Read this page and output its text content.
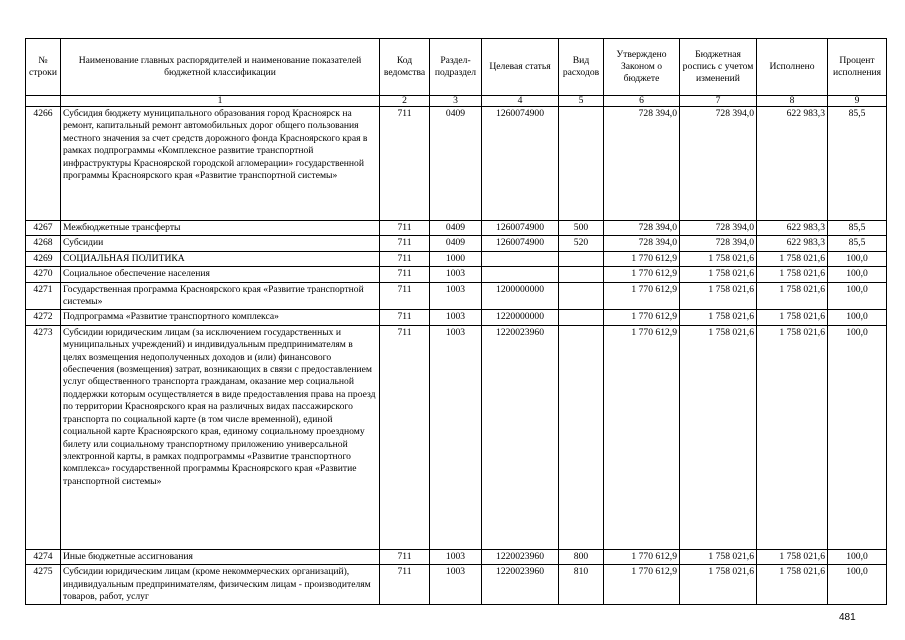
№ строки	Наименование главных распорядителей и наименование показателей бюджетной классификации	Код ведомства	Раздел-подраздел	Целевая статья	Вид расходов	Утверждено Законом о бюджете	Бюджетная роспись с учетом изменений	Исполнено	Процент исполнения
	1	2	3	4	5	6	7	8	9
4266	Субсидия бюджету муниципального образования город Красноярск на ремонт, капитальный ремонт автомобильных дорог общего пользования местного значения за счет средств дорожного фонда Красноярского края в рамках подпрограммы «Комплексное развитие транспортной инфраструктуры Красноярской городской агломерации» государственной программы Красноярского края «Развитие транспортной системы»	711	0409	1260074900		728 394,0	728 394,0	622 983,3	85,5
4267	Межбюджетные трансферты	711	0409	1260074900	500	728 394,0	728 394,0	622 983,3	85,5
4268	Субсидии	711	0409	1260074900	520	728 394,0	728 394,0	622 983,3	85,5
4269	СОЦИАЛЬНАЯ ПОЛИТИКА	711	1000			1 770 612,9	1 758 021,6	1 758 021,6	100,0
4270	Социальное обеспечение населения	711	1003			1 770 612,9	1 758 021,6	1 758 021,6	100,0
4271	Государственная программа Красноярского края «Развитие транспортной системы»	711	1003	1200000000		1 770 612,9	1 758 021,6	1 758 021,6	100,0
4272	Подпрограмма «Развитие транспортного комплекса»	711	1003	1220000000		1 770 612,9	1 758 021,6	1 758 021,6	100,0
4273	Субсидии юридическим лицам (за исключением государственных и муниципальных учреждений) и индивидуальным предпринимателям в целях возмещения недополученных доходов и (или) финансового обеспечения (возмещения) затрат, возникающих в связи с предоставлением услуг общественного транспорта гражданам, оказание мер социальной поддержки которым осуществляется в виде предоставления права на проезд по территории Красноярского края на различных видах пассажирского транспорта по социальной карте (в том числе временной), единой социальной карте Красноярского края, единому социальному проездному билету или социальному транспортному приложению универсальной электронной карты, в рамках подпрограммы «Развитие транспортного комплекса» государственной программы Красноярского края «Развитие транспортной системы»	711	1003	1220023960		1 770 612,9	1 758 021,6	1 758 021,6	100,0
4274	Иные бюджетные ассигнования	711	1003	1220023960	800	1 770 612,9	1 758 021,6	1 758 021,6	100,0
4275	Субсидии юридическим лицам (кроме некоммерческих организаций), индивидуальным предпринимателям, физическим лицам - производителям товаров, работ, услуг	711	1003	1220023960	810	1 770 612,9	1 758 021,6	1 758 021,6	100,0
481
